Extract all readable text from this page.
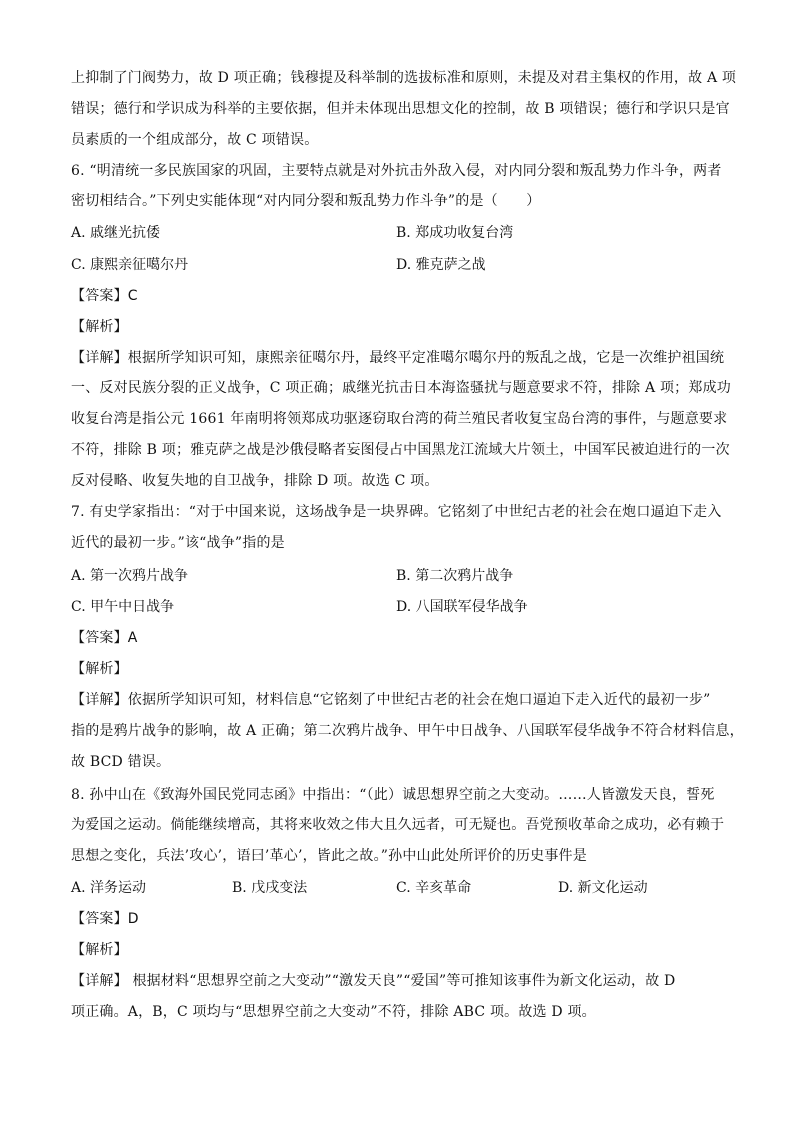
上抑制了门阀势力，故 D 项正确；钱穆提及科举制的选拔标准和原则，未提及对君主集权的作用，故 A 项
错误；德行和学识成为科举的主要依据，但并未体现出思想文化的控制，故 B 项错误；德行和学识只是官
员素质的一个组成部分，故 C 项错误。
6. “明清统一多民族国家的巩固，主要特点就是对外抗击外敌入侵，对内同分裂和叛乱势力作斗争，两者
密切相结合。”下列史实能体现“对内同分裂和叛乱势力作斗争”的是（　　）
A. 戚继光抗倭	B. 郑成功收复台湾
C. 康熙亲征噶尔丹	D. 雅克萨之战
【答案】C
【解析】
【详解】根据所学知识可知，康熙亲征噶尔丹，最终平定准噶尔噶尔丹的叛乱之战，它是一次维护祖国统
一、反对民族分裂的正义战争，C 项正确；戚继光抗击日本海盗骚扰与题意要求不符，排除 A 项；郑成功
收复台湾是指公元 1661 年南明将领郑成功驱逐窃取台湾的荷兰殖民者收复宝岛台湾的事件，与题意要求
不符，排除 B 项；雅克萨之战是沙俄侵略者妄图侵占中国黑龙江流域大片领土，中国军民被迫进行的一次
反对侵略、收复失地的自卫战争，排除 D 项。故选 C 项。
7. 有史学家指出：“对于中国来说，这场战争是一块界碑。它铭刻了中世纪古老的社会在炮口逼迫下走入
近代的最初一步。”该“战争”指的是
A. 第一次鸦片战争	B. 第二次鸦片战争
C. 甲午中日战争	D. 八国联军侵华战争
【答案】A
【解析】
【详解】依据所学知识可知，材料信息“它铭刻了中世纪古老的社会在炮口逼迫下走入近代的最初一步”
指的是鸦片战争的影响，故 A 正确；第二次鸦片战争、甲午中日战争、八国联军侵华战争不符合材料信息，
故 BCD 错误。
8. 孙中山在《致海外国民党同志函》中指出：“（此）诚思想界空前之大变动。……人皆激发天良，誓死
为爱国之运动。倘能继续增高，其将来收效之伟大且久远者，可无疑也。吾党预收革命之成功，必有赖于
思想之变化，兵法’攻心’，语曰’革心’，皆此之故。”孙中山此处所评价的历史事件是
A. 洋务运动	B. 戊戌变法	C. 辛亥革命	D. 新文化运动
【答案】D
【解析】
【详解】 根据材料“思想界空前之大变动”“激发天良”“爱国”等可推知该事件为新文化运动，故 D
项正确。A，B，C 项均与“思想界空前之大变动”不符，排除 ABC 项。故选 D 项。
